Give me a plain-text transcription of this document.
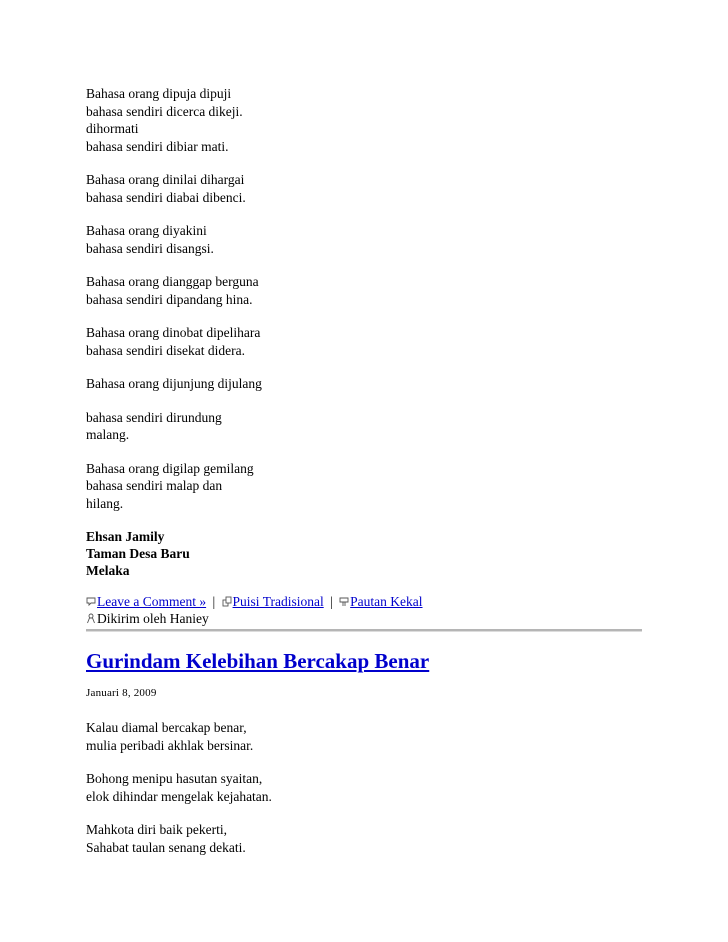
Bahasa orang dipuja dipuji
bahasa sendiri dicerca dikeji.
dihormati
bahasa sendiri dibiar mati.
Bahasa orang dinilai dihargai
bahasa sendiri diabai dibenci.
Bahasa orang diyakini
bahasa sendiri disangsi.
Bahasa orang dianggap berguna
bahasa sendiri dipandang hina.
Bahasa orang dinobat dipelihara
bahasa sendiri disekat didera.
Bahasa orang dijunjung dijulang
bahasa sendiri dirundung
malang.
Bahasa orang digilap gemilang
bahasa sendiri malap dan
hilang.
Ehsan Jamily
Taman Desa Baru
Melaka
Leave a Comment » | Puisi Tradisional | Pautan Kekal
Dikirim oleh Haniey
Gurindam Kelebihan Bercakap Benar
Januari 8, 2009
Kalau diamal bercakap benar,
mulia peribadi akhlak bersinar.
Bohong menipu hasutan syaitan,
elok dihindar mengelak kejahatan.
Mahkota diri baik pekerti,
Sahabat taulan senang dekati.
